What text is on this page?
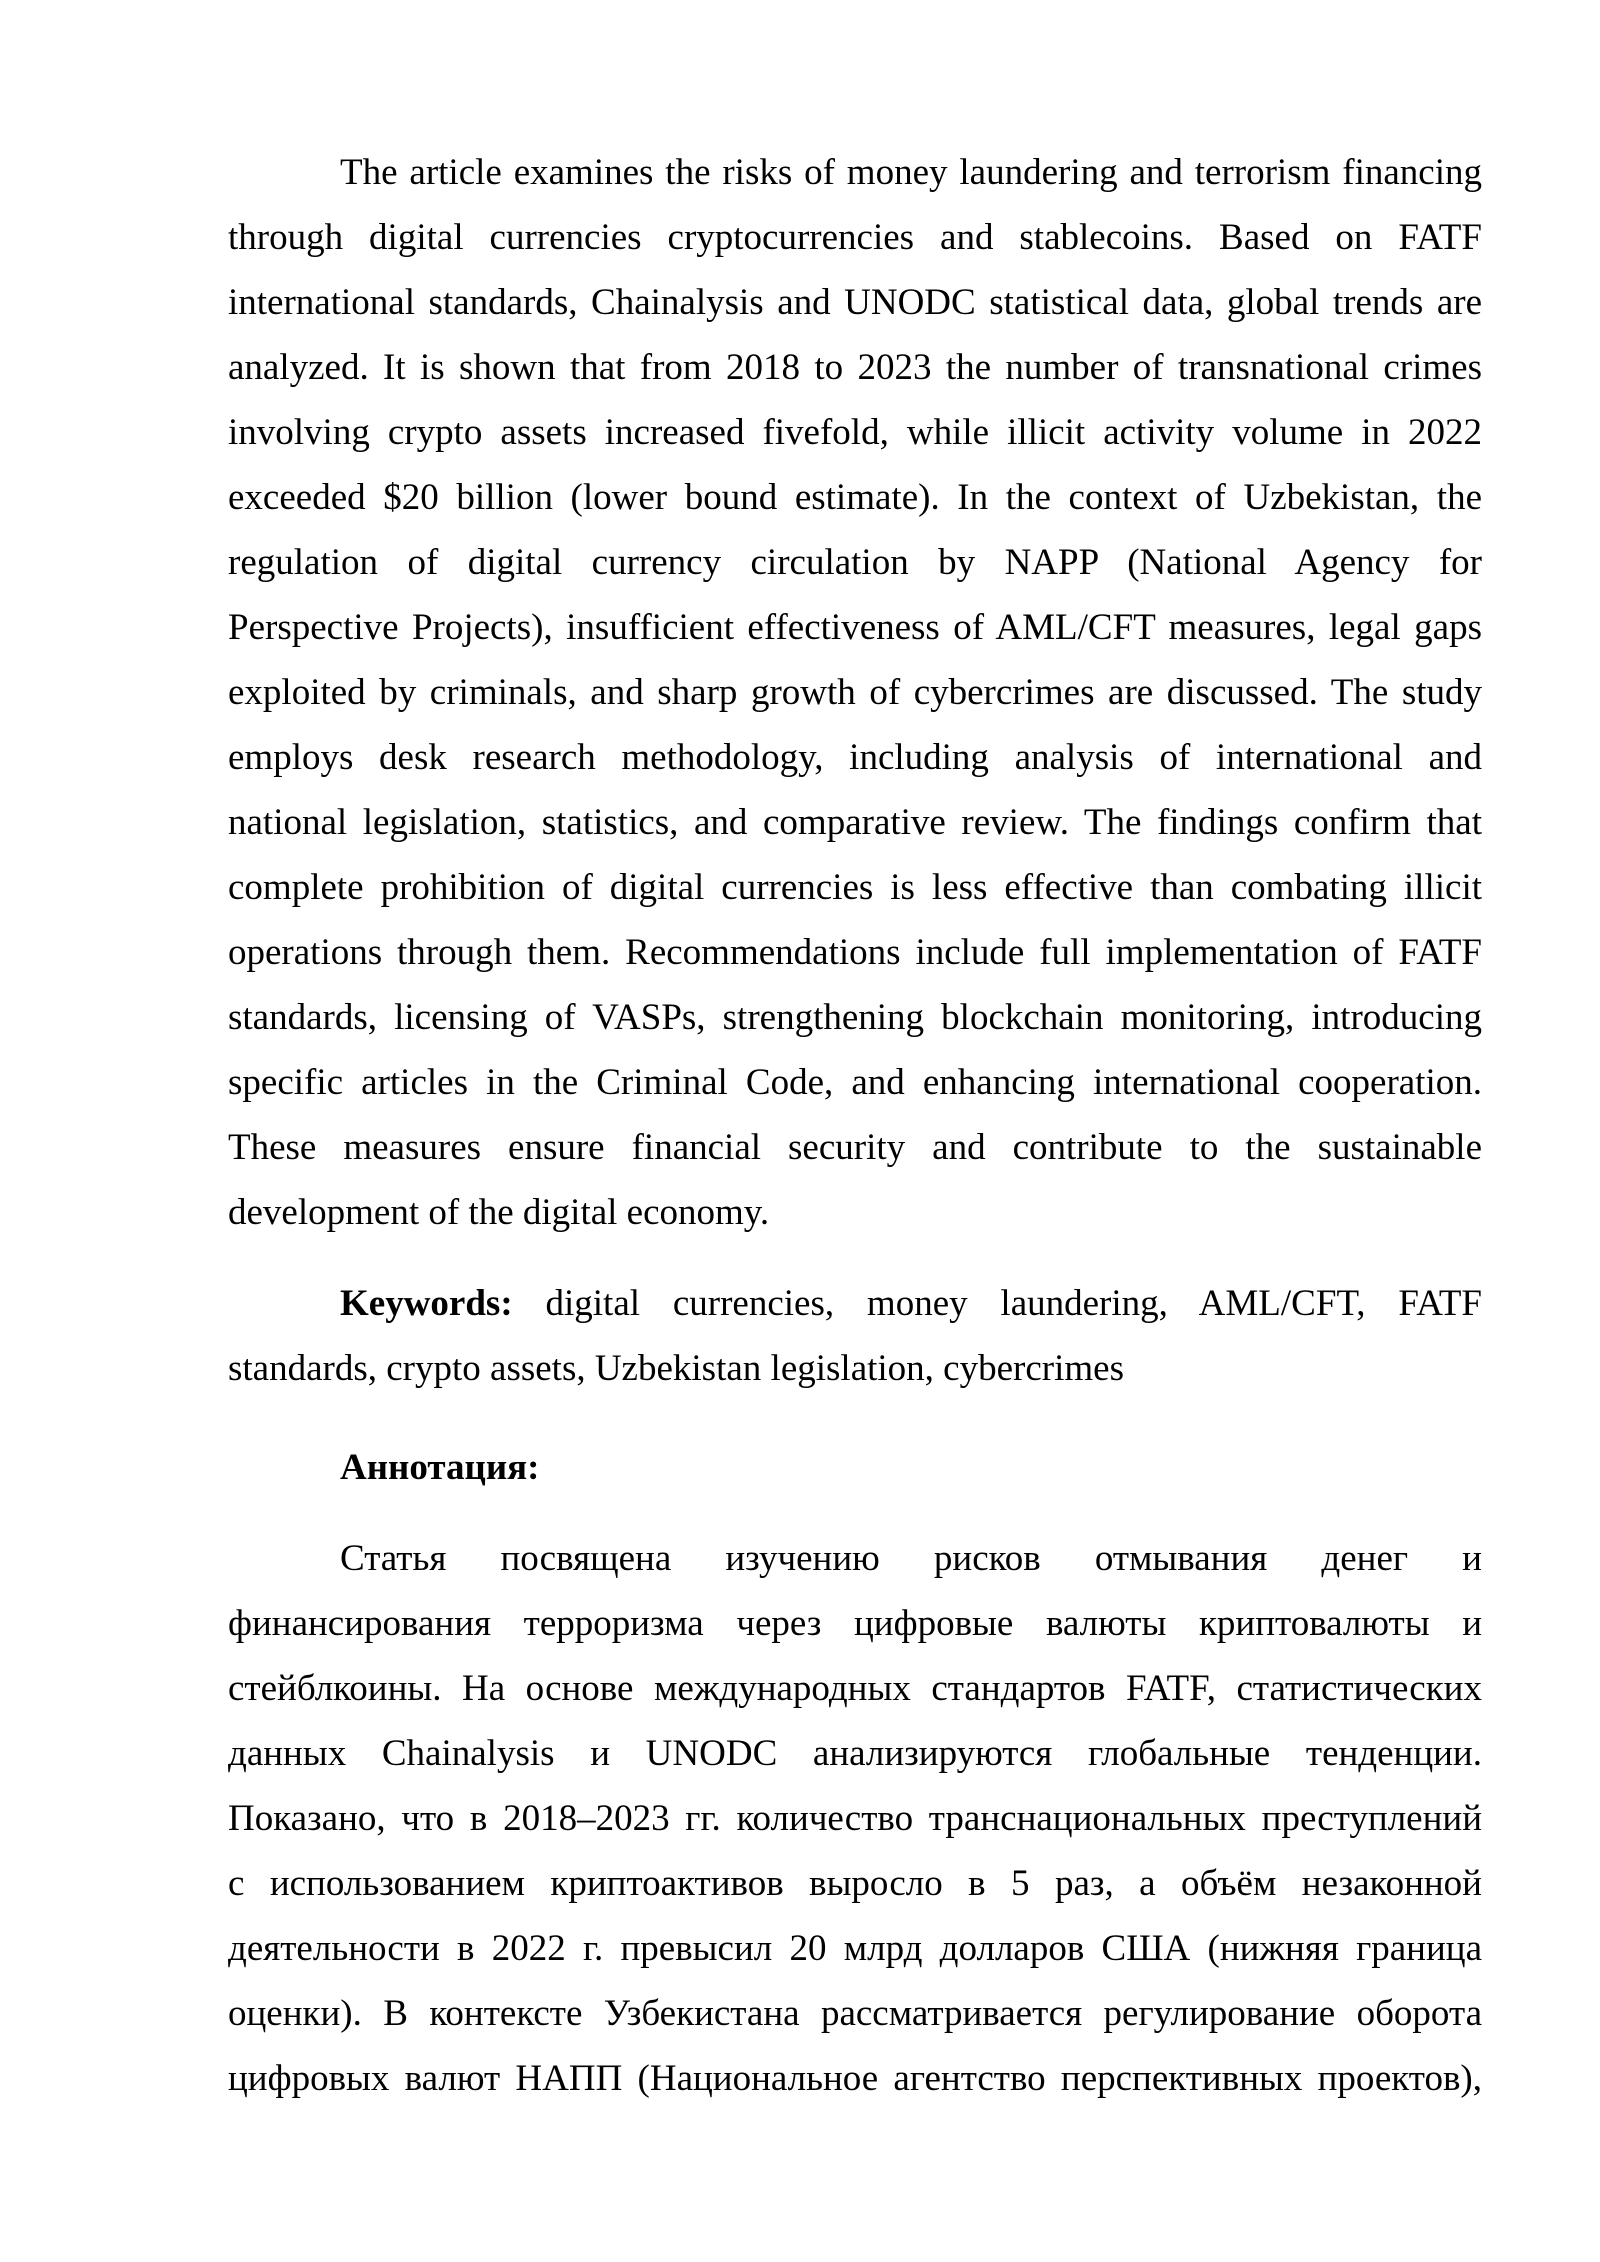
The article examines the risks of money laundering and terrorism financing
through digital currencies cryptocurrencies and stablecoins. Based on FATF
international standards, Chainalysis and UNODC statistical data, global trends are
analyzed. It is shown that from 2018 to 2023 the number of transnational crimes
involving crypto assets increased fivefold, while illicit activity volume in 2022
exceeded $20 billion (lower bound estimate). In the context of Uzbekistan, the
regulation of digital currency circulation by NAPP (National Agency for
Perspective Projects), insufficient effectiveness of AML/CFT measures, legal gaps
exploited by criminals, and sharp growth of cybercrimes are discussed. The study
employs desk research methodology, including analysis of international and
national legislation, statistics, and comparative review. The findings confirm that
complete prohibition of digital currencies is less effective than combating illicit
operations through them. Recommendations include full implementation of FATF
standards, licensing of VASPs, strengthening blockchain monitoring, introducing
specific articles in the Criminal Code, and enhancing international cooperation.
These measures ensure financial security and contribute to the sustainable
development of the digital economy.
Keywords: digital currencies, money laundering, AML/CFT, FATF
standards, crypto assets, Uzbekistan legislation, cybercrimes
Аннотация:
Статья посвящена изучению рисков отмывания денег и
финансирования терроризма через цифровые валюты криптовалюты и
стейблкоины. На основе международных стандартов FATF, статистических
данных Chainalysis и UNODC анализируются глобальные тенденции.
Показано, что в 2018–2023 гг. количество транснациональных преступлений
с использованием криптоактивов выросло в 5 раз, а объём незаконной
деятельности в 2022 г. превысил 20 млрд долларов США (нижняя граница
оценки). В контексте Узбекистана рассматривается регулирование оборота
цифровых валют НАПП (Национальное агентство перспективных проектов),
